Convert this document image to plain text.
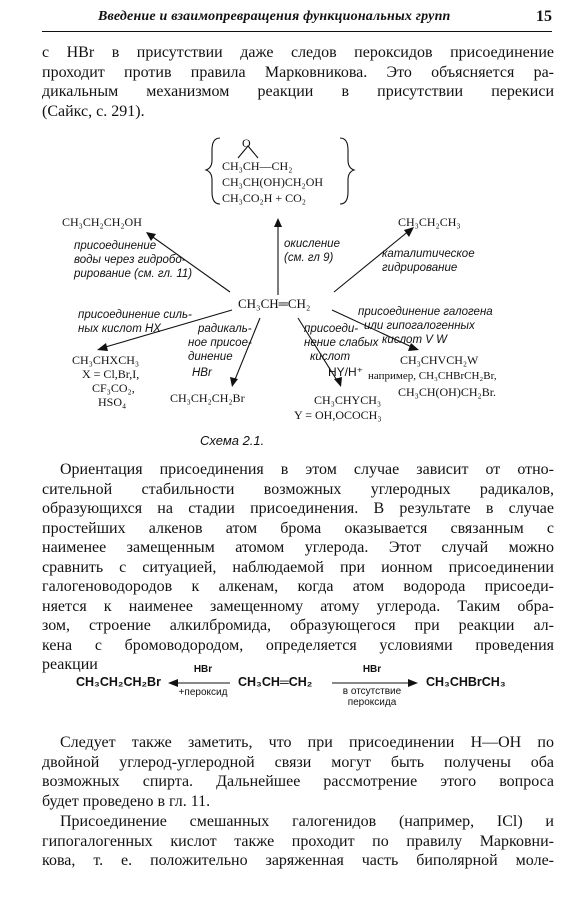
Введение и взаимопревращения функциональных групп	15
с HBr в присутствии даже следов пероксидов присоединение
проходит против правила Марковникова. Это объясняется ра-
дикальным механизмом реакции в присутствии перекиси
(Сайкс, с. 291).
O
CH₃CH—CH₂
CH₃CH(OH)CH₂OH
CH₃CO₂H + CO₂
CH₃CH₂CH₂OH
присоединение
воды через гидробо-
рирование (см. гл. 11)
окисление
(см. гл 9)
CH₃CH₂CH₃
каталитическое
гидрирование
CH₃CH═CH₂
присоединение силь-
ных кислот HX
CH₃CHXCH₃
X = Cl,Br,I,
CF₃CO₂,
HSO₄
радикаль-
ное присое-
динение
HBr
CH₃CH₂CH₂Br
присоеди-
нение слабых
кислот
HY/H⁺
CH₃CHYCH₃
Y = OH,OCOCH₃
присоединение галогена
или гипогалогенных
кислот V W
CH₃CHVCH₂W
например, CH₃CHBrCH₂Br,
CH₃CH(OH)CH₂Br.
Схема 2.1.
Ориентация присоединения в этом случае зависит от отно-
сительной стабильности возможных углеродных радикалов,
образующихся на стадии присоединения. В результате в случае
простейших алкенов атом брома оказывается связанным с
наименее замещенным атомом углерода. Этот случай можно
сравнить с ситуацией, наблюдаемой при ионном присоединении
галогеноводородов к алкенам, когда атом водорода присоеди-
няется к наименее замещенному атому углерода. Таким обра-
зом, строение алкилбромида, образующегося при реакции ал-
кена с бромоводородом, определяется условиями проведения
реакции
CH₃CH₂CH₂Br
HBr
+пероксид
CH₃CH═CH₂
HBr
в отсутствие
пероксида
CH₃CHBrCH₃
Следует также заметить, что при присоединении H—OH по
двойной углерод-углеродной связи могут быть получены оба
возможных спирта. Дальнейшее рассмотрение этого вопроса
будет проведено в гл. 11.
Присоединение смешанных галогенидов (например, ICl) и
гипогалогенных кислот также проходит по правилу Марковни-
кова, т. е. положительно заряженная часть биполярной моле-
